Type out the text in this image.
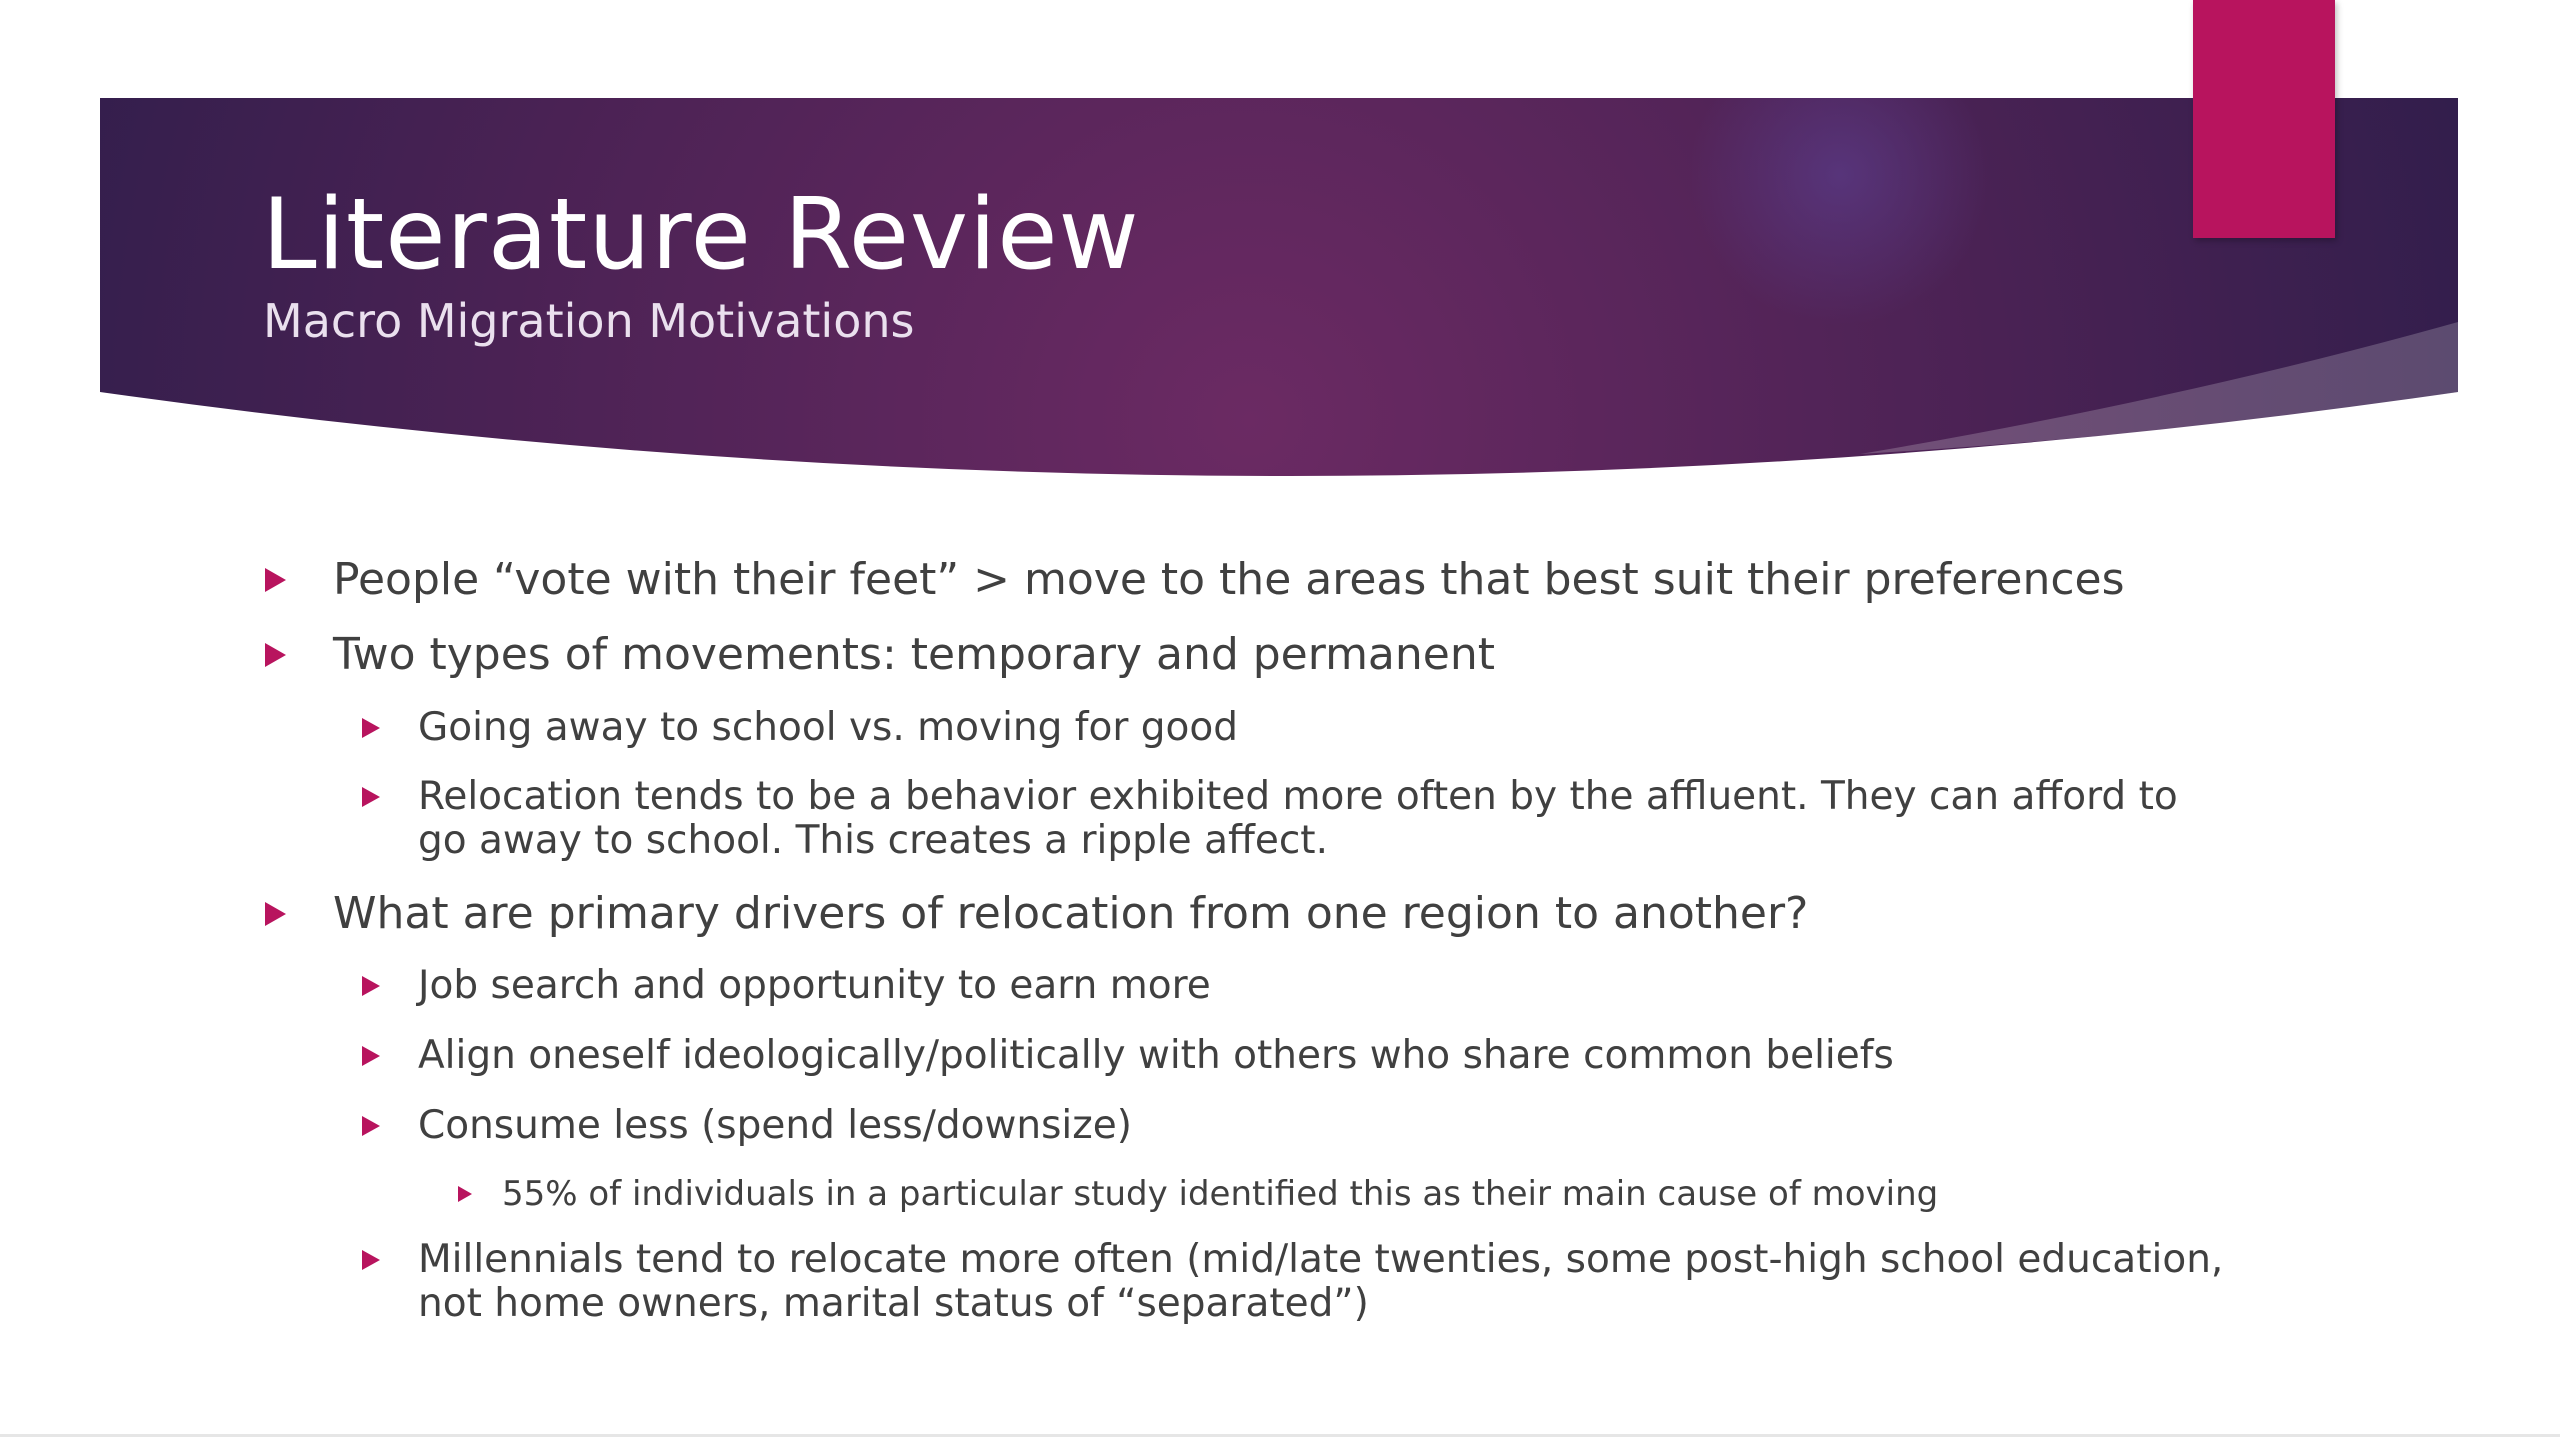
Literature Review
Macro Migration Motivations
People “vote with their feet” > move to the areas that best suit their preferences
Two types of movements: temporary and permanent
Going away to school vs. moving for good
Relocation tends to be a behavior exhibited more often by the affluent. They can afford to
go away to school. This creates a ripple affect.
What are primary drivers of relocation from one region to another?
Job search and opportunity to earn more
Align oneself ideologically/politically with others who share common beliefs
Consume less (spend less/downsize)
55% of individuals in a particular study identified this as their main cause of moving
Millennials tend to relocate more often (mid/late twenties, some post-high school education,
not home owners, marital status of “separated”)
